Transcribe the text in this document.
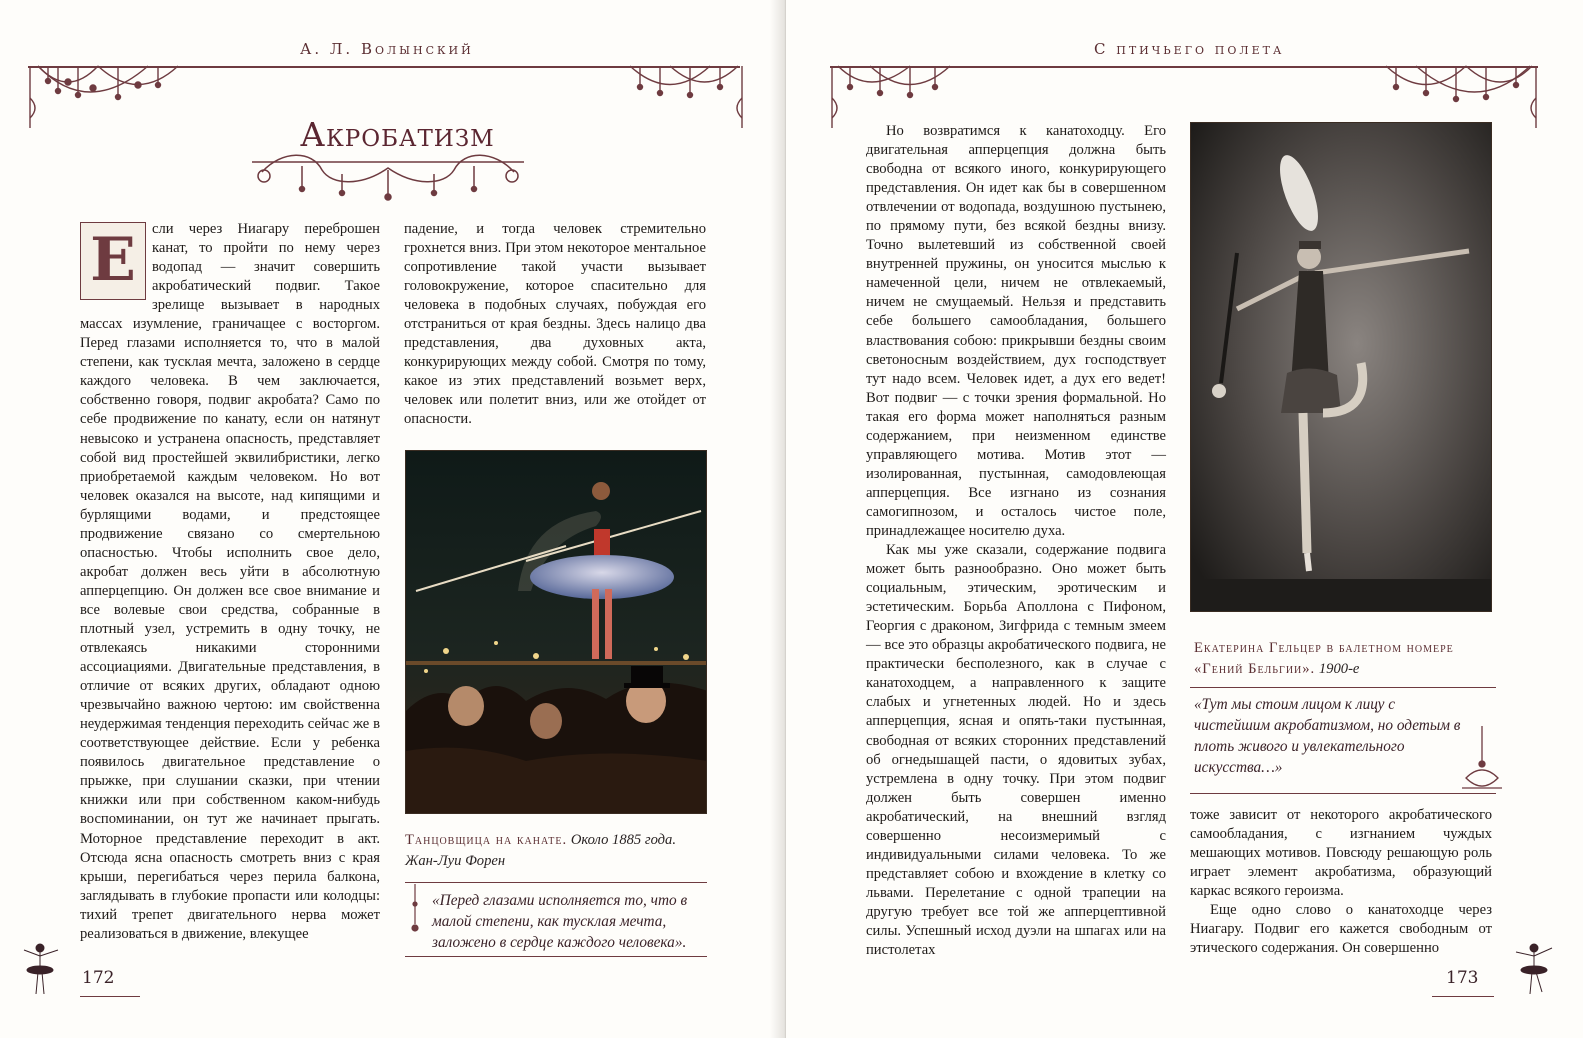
А. Л. Волынский
Акробатизм
Е	сли через Ниагару переброшен канат, то пройти по нему через водопад — значит совершить акробатический подвиг. Такое зрелище вызывает в народных массах изумление, граничащее с восторгом. Перед глазами исполняется то, что в малой степени, как тусклая мечта, заложено в сердце каждого человека. В чем заключается, собственно говоря, подвиг акробата? Само по себе продвижение по канату, если он натянут невысоко и устранена опасность, представляет собой вид простейшей эквилибристики, легко приобретаемой каждым человеком. Но вот человек оказался на высоте, над кипящими и бурлящими водами, и предстоящее продвижение связано со смертельною опасностью. Чтобы исполнить свое дело, акробат должен весь уйти в абсолютную апперцепцию. Он должен все свое внимание и все волевые свои средства, собранные в плотный узел, устремить в одну точку, не отвлекаясь никакими сторонними ассоциациями. Двигательные представления, в отличие от всяких других, обладают одною чрезвычайно важною чертою: им свойственна неудержимая тенденция переходить сейчас же в соответствующее действие. Если у ребенка появилось двигательное представление о прыжке, при слушании сказки, при чтении книжки или при собственном каком-нибудь воспоминании, он тут же начинает прыгать. Моторное представление переходит в акт. Отсюда ясна опасность смотреть вниз с края крыши, перегибаться через перила балкона, заглядывать в глубокие пропасти или колодцы: тихий трепет двигательного нерва может реализоваться в движение, влекущее

падение, и тогда человек стремительно грохнется вниз. При этом некоторое ментальное сопротивление такой участи вызывает головокружение, которое спасительно для человека в подобных случаях, побуждая его отстраниться от края бездны. Здесь налицо два представления, два духовных акта, конкурирующих между собой. Смотря по тому, какое из этих представлений возьмет верх, человек или полетит вниз, или же отойдет от опасности.

Танцовщица на канате. Около 1885 года.
Жан-Луи Форен
«Перед глазами исполняется то, что в малой степени, как тусклая мечта, заложено в сердце каждого человека».
172
С птичьего полета

Но возвратимся к канатоходцу. Его двигательная апперцепция должна быть свободна от всякого иного, конкурирующего представления. Он идет как бы в совершенном отвлечении от водопада, воздушною пустынею, по прямому пути, без всякой бездны внизу. Точно вылетевший из собственной своей внутренней пружины, он уносится мыслью к намеченной цели, ничем не отвлекаемый, ничем не смущаемый. Нельзя и представить себе большего самообладания, большего властвования собою: прикрывши бездны своим светоносным воздействием, дух господствует тут надо всем. Человек идет, а дух его ведет! Вот подвиг — с точки зрения формальной. Но такая его форма может наполняться разным содержанием, при неизменном единстве управляющего мотива. Мотив этот — изолированная, пустынная, самодовлеющая апперцепция. Все изгнано из сознания самогипнозом, и осталось чистое поле, принадлежащее носителю духа.

Как мы уже сказали, содержание подвига может быть разнообразно. Оно может быть социальным, этическим, эротическим и эстетическим. Борьба Аполлона с Пифоном, Георгия с драконом, Зигфрида с темным змеем — все это образцы акробатического подвига, не практически бесполезного, как в случае с канатоходцем, а направленного к защите слабых и угнетенных людей. Но и здесь апперцепция, ясная и опять-таки пустынная, свободная от всяких сторонних представлений об огнедышащей пасти, о ядовитых зубах, устремлена в одну точку. При этом подвиг должен быть совершен именно акробатический, на внешний взгляд совершенно несоизмеримый с индивидуальными силами человека. То же представляет собою и вхождение в клетку со львами. Перелетание с одной трапеции на другую требует все той же апперцептивной силы. Успешный исход дуэли на шпагах или на пистолетах

Екатерина Гельцер в балетном номере
«Гений Бельгии». 1900-е
«Тут мы стоим лицом к лицу с чистейшим акробатизмом, но одетым в плоть живого и увлекательного искусства…»

тоже зависит от некоторого акробатического самообладания, с изгнанием чуждых мешающих мотивов. Повсюду решающую роль играет элемент акробатизма, образующий каркас всякого героизма.

Еще одно слово о канатоходце через Ниагару. Подвиг его кажется свободным от этического содержания. Он совершенно

173
